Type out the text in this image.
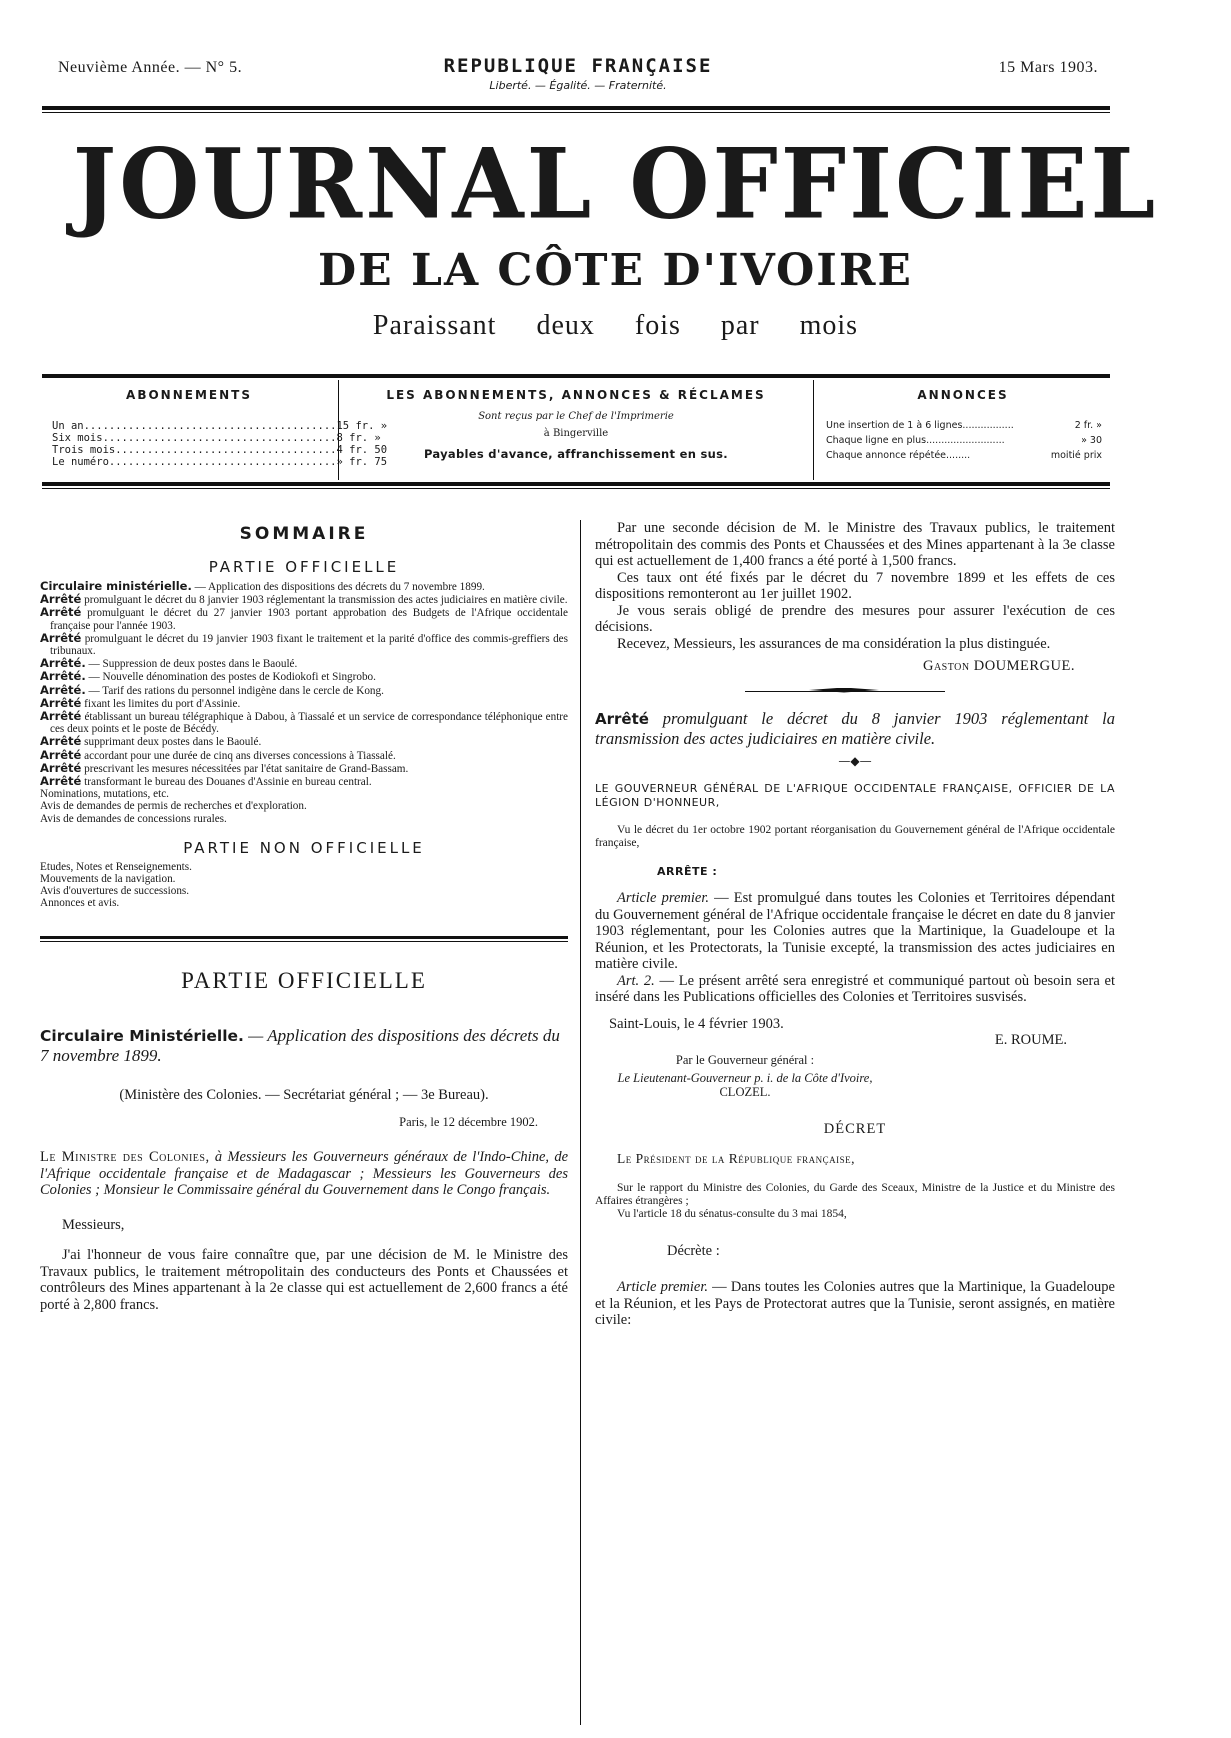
Neuvième Année. — N° 5.	REPUBLIQUE FRANÇAISE
Liberté. — Égalité. — Fraternité.
15 Mars 1903.
JOURNAL OFFICIEL
DE LA CÔTE D'IVOIRE
Paraissant deux fois par mois
ABONNEMENTS
Un an........................................ 15 fr. »
Six mois..................................... 8 fr. »
Trois mois................................... 4 fr. 50
Le numéro.................................... » fr. 75
LES ABONNEMENTS, ANNONCES & RÉCLAMES
Sont reçus par le Chef de l'Imprimerie
à Bingerville
Payables d'avance, affranchissement en sus.
ANNONCES
Une insertion de 1 à 6 lignes.................	2 fr. »
Chaque ligne en plus..........................	» 30
Chaque annonce répétée........	moitié prix
SOMMAIRE
PARTIE OFFICIELLE
Circulaire ministérielle. — Application des dispositions des décrets du 7 novembre 1899.
Arrêté promulguant le décret du 8 janvier 1903 réglementant la transmission des actes judiciaires en matière civile.
Arrêté promulguant le décret du 27 janvier 1903 portant approbation des Budgets de l'Afrique occidentale française pour l'année 1903.
Arrêté promulguant le décret du 19 janvier 1903 fixant le traitement et la parité d'office des commis-greffiers des tribunaux.
Arrêté. — Suppression de deux postes dans le Baoulé.
Arrêté. — Nouvelle dénomination des postes de Kodiokofi et Singrobo.
Arrêté. — Tarif des rations du personnel indigène dans le cercle de Kong.
Arrêté fixant les limites du port d'Assinie.
Arrêté établissant un bureau télégraphique à Dabou, à Tiassalé et un service de correspondance téléphonique entre ces deux points et le poste de Bécédy.
Arrêté supprimant deux postes dans le Baoulé.
Arrêté accordant pour une durée de cinq ans diverses concessions à Tiassalé.
Arrêté prescrivant les mesures nécessitées par l'état sanitaire de Grand-Bassam.
Arrêté transformant le bureau des Douanes d'Assinie en bureau central.
Nominations, mutations, etc.
Avis de demandes de permis de recherches et d'exploration.
Avis de demandes de concessions rurales.
PARTIE NON OFFICIELLE
Etudes, Notes et Renseignements.
Mouvements de la navigation.
Avis d'ouvertures de successions.
Annonces et avis.
PARTIE OFFICIELLE
Circulaire Ministérielle. — Application des dispositions des décrets du 7 novembre 1899.
(Ministère des Colonies. — Secrétariat général ; — 3e Bureau).
Paris, le 12 décembre 1902.
Le Ministre des Colonies, à Messieurs les Gouverneurs généraux de l'Indo-Chine, de l'Afrique occidentale française et de Madagascar ; Messieurs les Gouverneurs des Colonies ; Monsieur le Commissaire général du Gouvernement dans le Congo français.
Messieurs,
J'ai l'honneur de vous faire connaître que, par une décision de M. le Ministre des Travaux publics, le traitement métropolitain des conducteurs des Ponts et Chaussées et contrôleurs des Mines appartenant à la 2e classe qui est actuellement de 2,600 francs a été porté à 2,800 francs.
Par une seconde décision de M. le Ministre des Travaux publics, le traitement métropolitain des commis des Ponts et Chaussées et des Mines appartenant à la 3e classe qui est actuellement de 1,400 francs a été porté à 1,500 francs.
Ces taux ont été fixés par le décret du 7 novembre 1899 et les effets de ces dispositions remonteront au 1er juillet 1902.
Je vous serais obligé de prendre des mesures pour assurer l'exécution de ces décisions.
Recevez, Messieurs, les assurances de ma considération la plus distinguée.
Gaston DOUMERGUE.
Arrêté promulguant le décret du 8 janvier 1903 réglementant la transmission des actes judiciaires en matière civile.
—◆—
LE GOUVERNEUR GÉNÉRAL DE L'AFRIQUE OCCIDENTALE FRANÇAISE, OFFICIER DE LA LÉGION D'HONNEUR,
Vu le décret du 1er octobre 1902 portant réorganisation du Gouvernement général de l'Afrique occidentale française,
ARRÊTE :
Article premier. — Est promulgué dans toutes les Colonies et Territoires dépendant du Gouvernement général de l'Afrique occidentale française le décret en date du 8 janvier 1903 réglementant, pour les Colonies autres que la Martinique, la Guadeloupe et la Réunion, et les Protectorats, la Tunisie excepté, la transmission des actes judiciaires en matière civile.
Art. 2. — Le présent arrêté sera enregistré et communiqué partout où besoin sera et inséré dans les Publications officielles des Colonies et Territoires susvisés.
Saint-Louis, le 4 février 1903.
E. ROUME.
Par le Gouverneur général :
Le Lieutenant-Gouverneur p. i. de la Côte d'Ivoire,
CLOZEL.
DÉCRET
Le Président de la République française,
Sur le rapport du Ministre des Colonies, du Garde des Sceaux, Ministre de la Justice et du Ministre des Affaires étrangères ;
Vu l'article 18 du sénatus-consulte du 3 mai 1854,
Décrète :
Article premier. — Dans toutes les Colonies autres que la Martinique, la Guadeloupe et la Réunion, et les Pays de Protectorat autres que la Tunisie, seront assignés, en matière civile:
